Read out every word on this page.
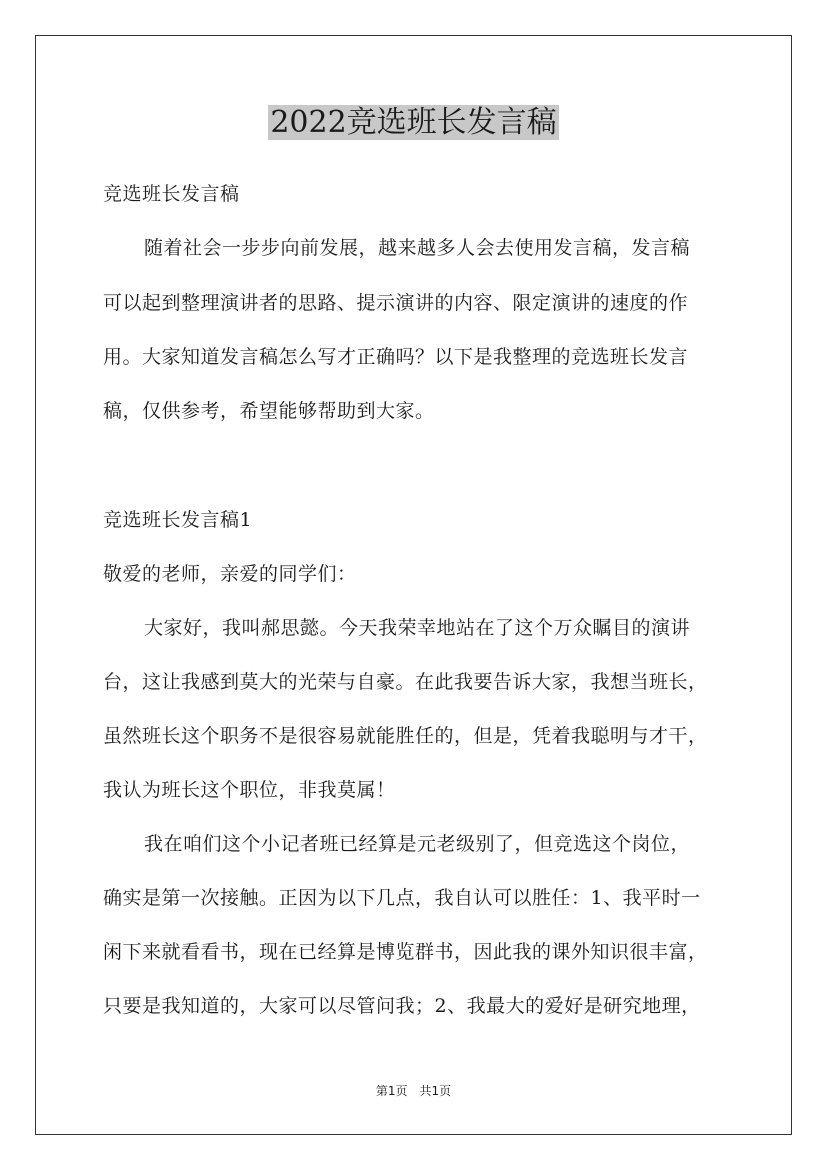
2022竞选班长发言稿
竞选班长发言稿
随着社会一步步向前发展，越来越多人会去使用发言稿，发言稿
可以起到整理演讲者的思路、提示演讲的内容、限定演讲的速度的作
用。大家知道发言稿怎么写才正确吗？以下是我整理的竞选班长发言
稿，仅供参考，希望能够帮助到大家。
竞选班长发言稿1
敬爱的老师，亲爱的同学们：
大家好，我叫郝思懿。今天我荣幸地站在了这个万众瞩目的演讲
台，这让我感到莫大的光荣与自豪。在此我要告诉大家，我想当班长，
虽然班长这个职务不是很容易就能胜任的，但是，凭着我聪明与才干，
我认为班长这个职位，非我莫属！
我在咱们这个小记者班已经算是元老级别了，但竞选这个岗位，
确实是第一次接触。正因为以下几点，我自认可以胜任：1、我平时一
闲下来就看看书，现在已经算是博览群书，因此我的课外知识很丰富，
只要是我知道的，大家可以尽管问我；2、我最大的爱好是研究地理，
第1页　共1页
